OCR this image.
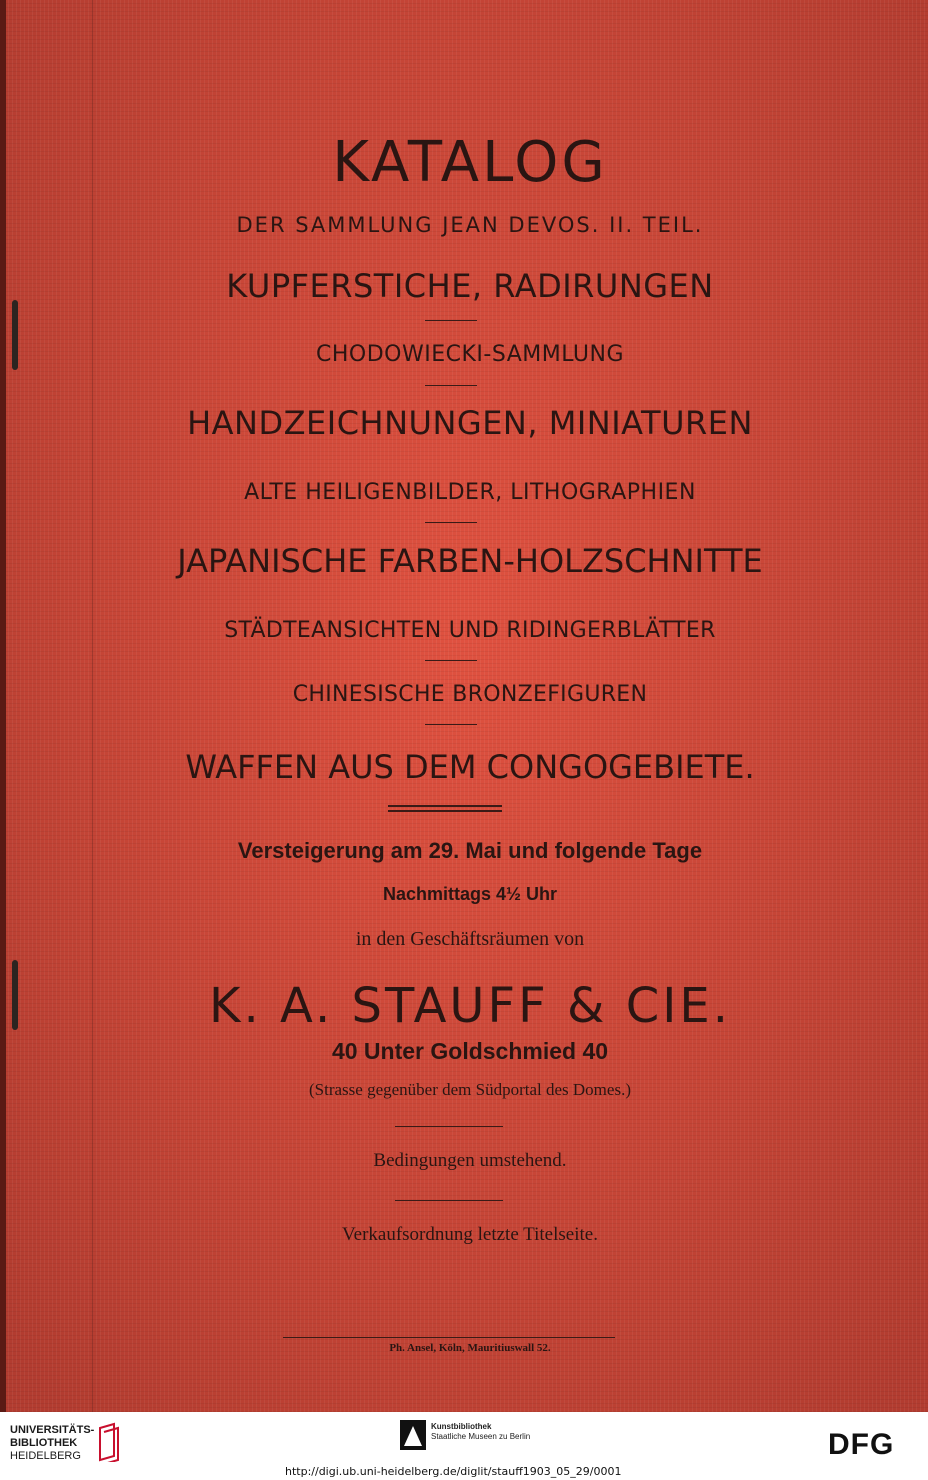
KATALOG
DER SAMMLUNG JEAN DEVOS. II. TEIL.
KUPFERSTICHE, RADIRUNGEN
CHODOWIECKI-SAMMLUNG
HANDZEICHNUNGEN, MINIATUREN
ALTE HEILIGENBILDER, LITHOGRAPHIEN
JAPANISCHE FARBEN-HOLZSCHNITTE
STÄDTEANSICHTEN UND RIDINGERBLÄTTER
CHINESISCHE BRONZEFIGUREN
WAFFEN AUS DEM CONGOGEBIETE.
Versteigerung am 29. Mai und folgende Tage
Nachmittags 4½ Uhr
in den Geschäftsräumen von
K. A. STAUFF & CIE.
40 Unter Goldschmied 40
(Strasse gegenüber dem Südportal des Domes.)
Bedingungen umstehend.
Verkaufsordnung letzte Titelseite.
Ph. Ansel, Köln, Mauritiuswall 52.
UNIVERSITÄTS-
BIBLIOTHEK
HEIDELBERG
Kunstbibliothek
Staatliche Museen zu Berlin	DFG
http://digi.ub.uni-heidelberg.de/diglit/stauff1903_05_29/0001
